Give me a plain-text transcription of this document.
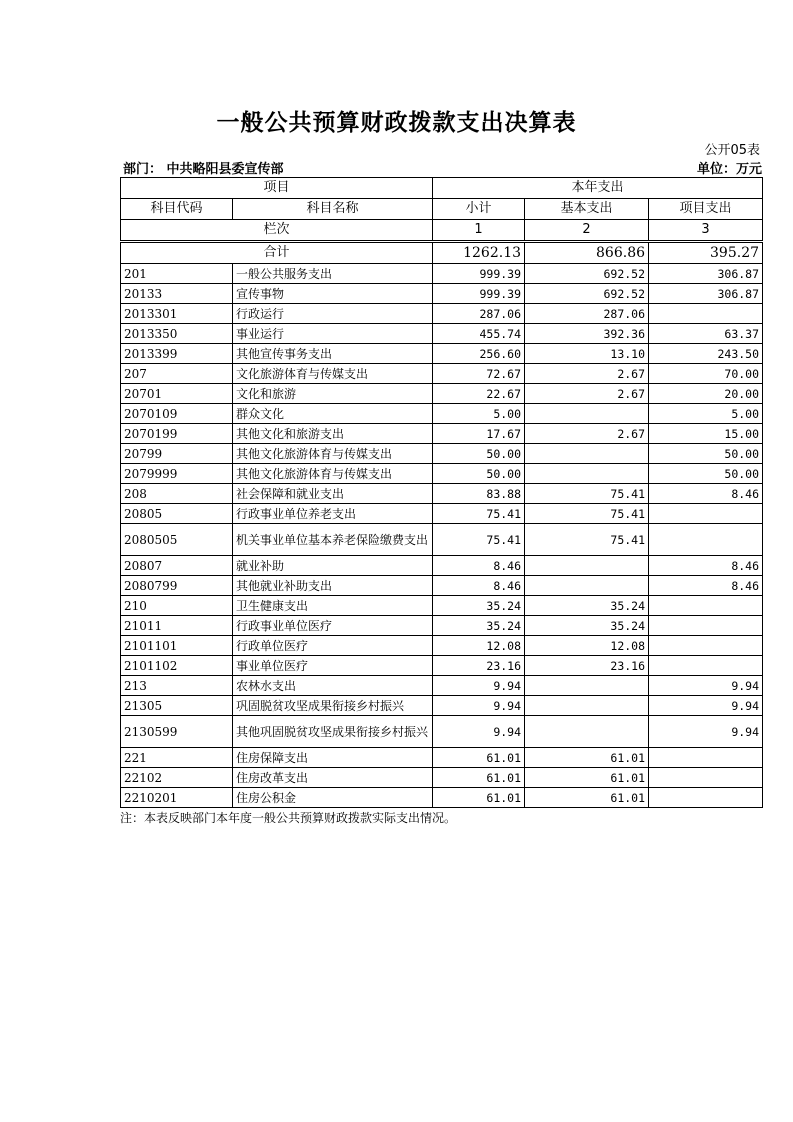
一般公共预算财政拨款支出决算表
公开05表
部门： 中共略阳县委宣传部	单位：万元
项目		本年支出		
科目代码	科目名称	小计	基本支出	项目支出
栏次		1	2	3
合计		1262.13	866.86	395.27
201	一般公共服务支出	999.39	692.52	306.87
20133	宣传事物	999.39	692.52	306.87
2013301	行政运行	287.06	287.06	
2013350	事业运行	455.74	392.36	63.37
2013399	其他宣传事务支出	256.60	13.10	243.50
207	文化旅游体育与传媒支出	72.67	2.67	70.00
20701	文化和旅游	22.67	2.67	20.00
2070109	群众文化	5.00		5.00
2070199	其他文化和旅游支出	17.67	2.67	15.00
20799	其他文化旅游体育与传媒支出	50.00		50.00
2079999	其他文化旅游体育与传媒支出	50.00		50.00
208	社会保障和就业支出	83.88	75.41	8.46
20805	行政事业单位养老支出	75.41	75.41	
2080505	机关事业单位基本养老保险缴费支出	75.41	75.41	
20807	就业补助	8.46		8.46
2080799	其他就业补助支出	8.46		8.46
210	卫生健康支出	35.24	35.24	
21011	行政事业单位医疗	35.24	35.24	
2101101	行政单位医疗	12.08	12.08	
2101102	事业单位医疗	23.16	23.16	
213	农林水支出	9.94		9.94
21305	巩固脱贫攻坚成果衔接乡村振兴	9.94		9.94
2130599	其他巩固脱贫攻坚成果衔接乡村振兴	9.94		9.94
221	住房保障支出	61.01	61.01	
22102	住房改革支出	61.01	61.01	
2210201	住房公积金	61.01	61.01	
注：本表反映部门本年度一般公共预算财政拨款实际支出情况。
